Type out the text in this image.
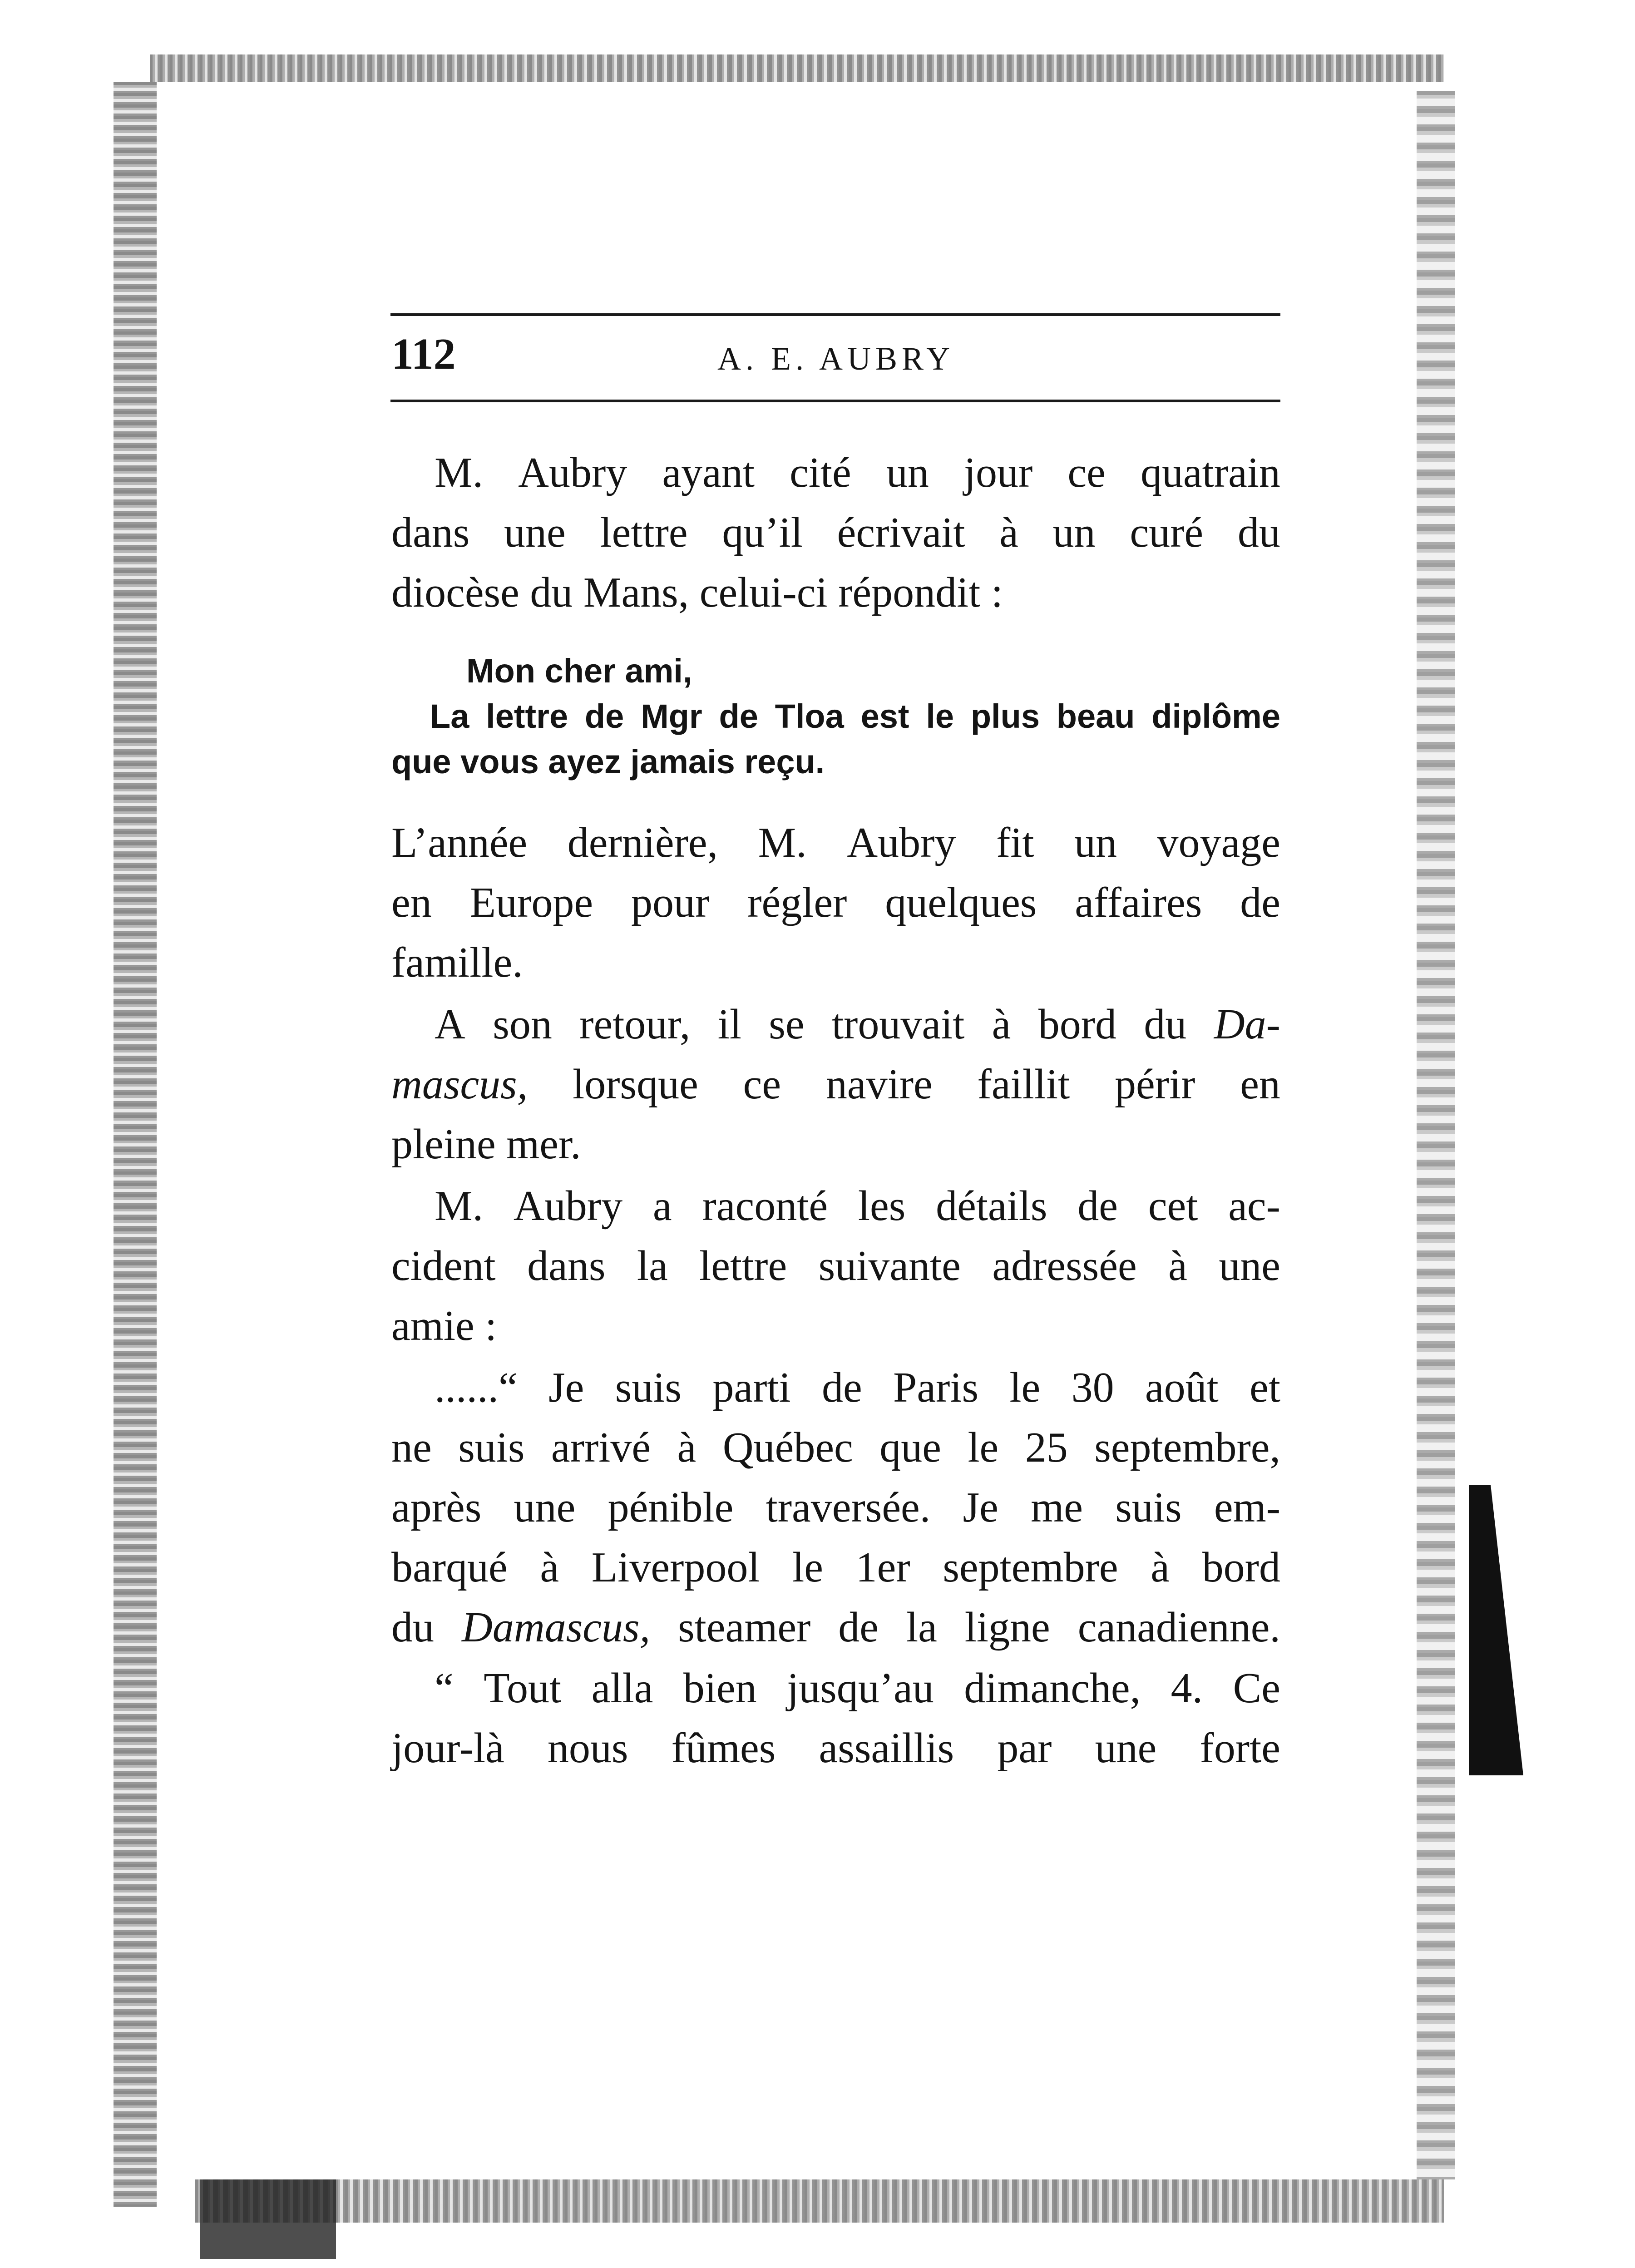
112	A. E. AUBRY
M. Aubry ayant cité un jour ce quatrain
dans une lettre qu’il écrivait à un curé du
diocèse du Mans, celui-ci répondit :
Mon cher ami,
La lettre de Mgr de Tloa est le plus beau diplôme
que vous ayez jamais reçu.
L’année dernière, M. Aubry fit un voyage
en Europe pour régler quelques affaires de
famille.
A son retour, il se trouvait à bord du Da-
mascus, lorsque ce navire faillit périr en
pleine mer.
M. Aubry a raconté les détails de cet ac-
cident dans la lettre suivante adressée à une
amie :
......“ Je suis parti de Paris le 30 août et
ne suis arrivé à Québec que le 25 septembre,
après une pénible traversée. Je me suis em-
barqué à Liverpool le 1er septembre à bord
du Damascus, steamer de la ligne canadienne.
“ Tout alla bien jusqu’au dimanche, 4. Ce
jour-là nous fûmes assaillis par une forte
